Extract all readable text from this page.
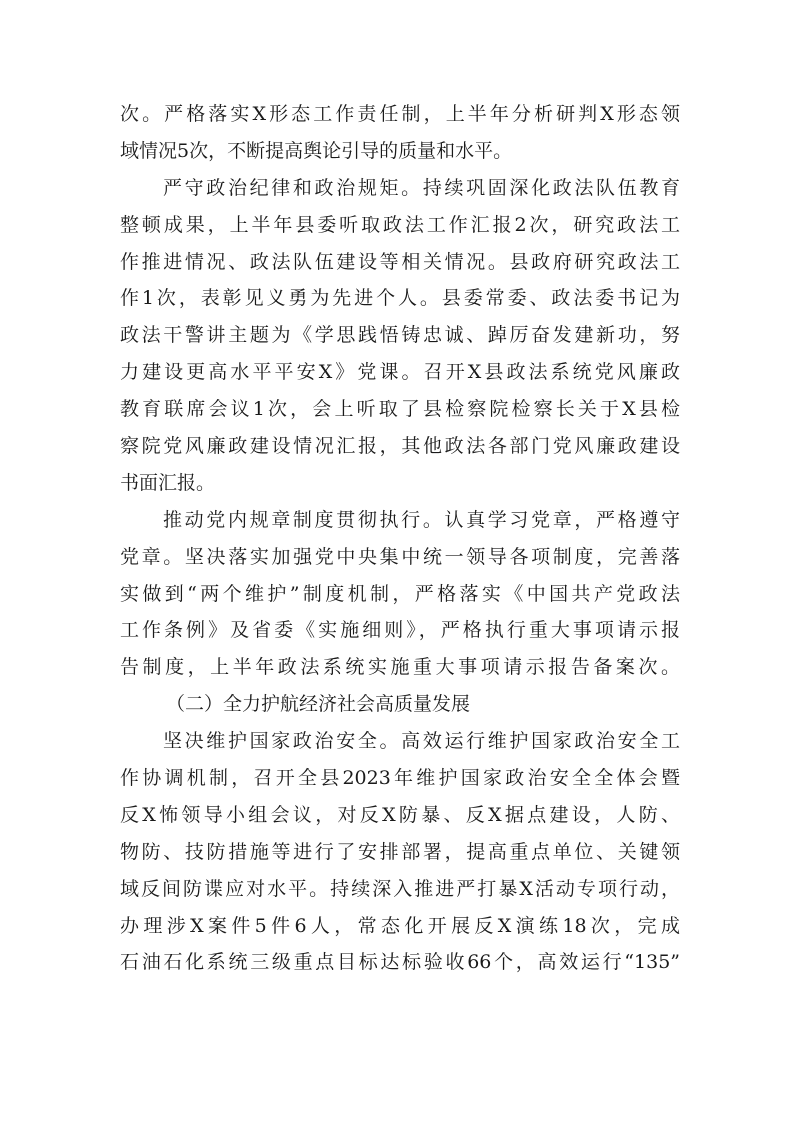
次。严格落实X形态工作责任制，上半年分析研判X形态领
域情况5次，不断提高舆论引导的质量和水平。
严守政治纪律和政治规矩。持续巩固深化政法队伍教育
整顿成果，上半年县委听取政法工作汇报2次，研究政法工
作推进情况、政法队伍建设等相关情况。县政府研究政法工
作1次，表彰见义勇为先进个人。县委常委、政法委书记为
政法干警讲主题为《学思践悟铸忠诚、踔厉奋发建新功，努
力建设更高水平平安X》党课。召开X县政法系统党风廉政
教育联席会议1次，会上听取了县检察院检察长关于X县检
察院党风廉政建设情况汇报，其他政法各部门党风廉政建设
书面汇报。
推动党内规章制度贯彻执行。认真学习党章，严格遵守
党章。坚决落实加强党中央集中统一领导各项制度，完善落
实做到“两个维护”制度机制，严格落实《中国共产党政法
工作条例》及省委《实施细则》，严格执行重大事项请示报
告制度，上半年政法系统实施重大事项请示报告备案次。
（二）全力护航经济社会高质量发展
坚决维护国家政治安全。高效运行维护国家政治安全工
作协调机制，召开全县2023年维护国家政治安全全体会暨
反X怖领导小组会议，对反X防暴、反X据点建设，人防、
物防、技防措施等进行了安排部署，提高重点单位、关键领
域反间防谍应对水平。持续深入推进严打暴X活动专项行动，
办理涉X案件5件6人，常态化开展反X演练18次，完成
石油石化系统三级重点目标达标验收66个，高效运行“135”
